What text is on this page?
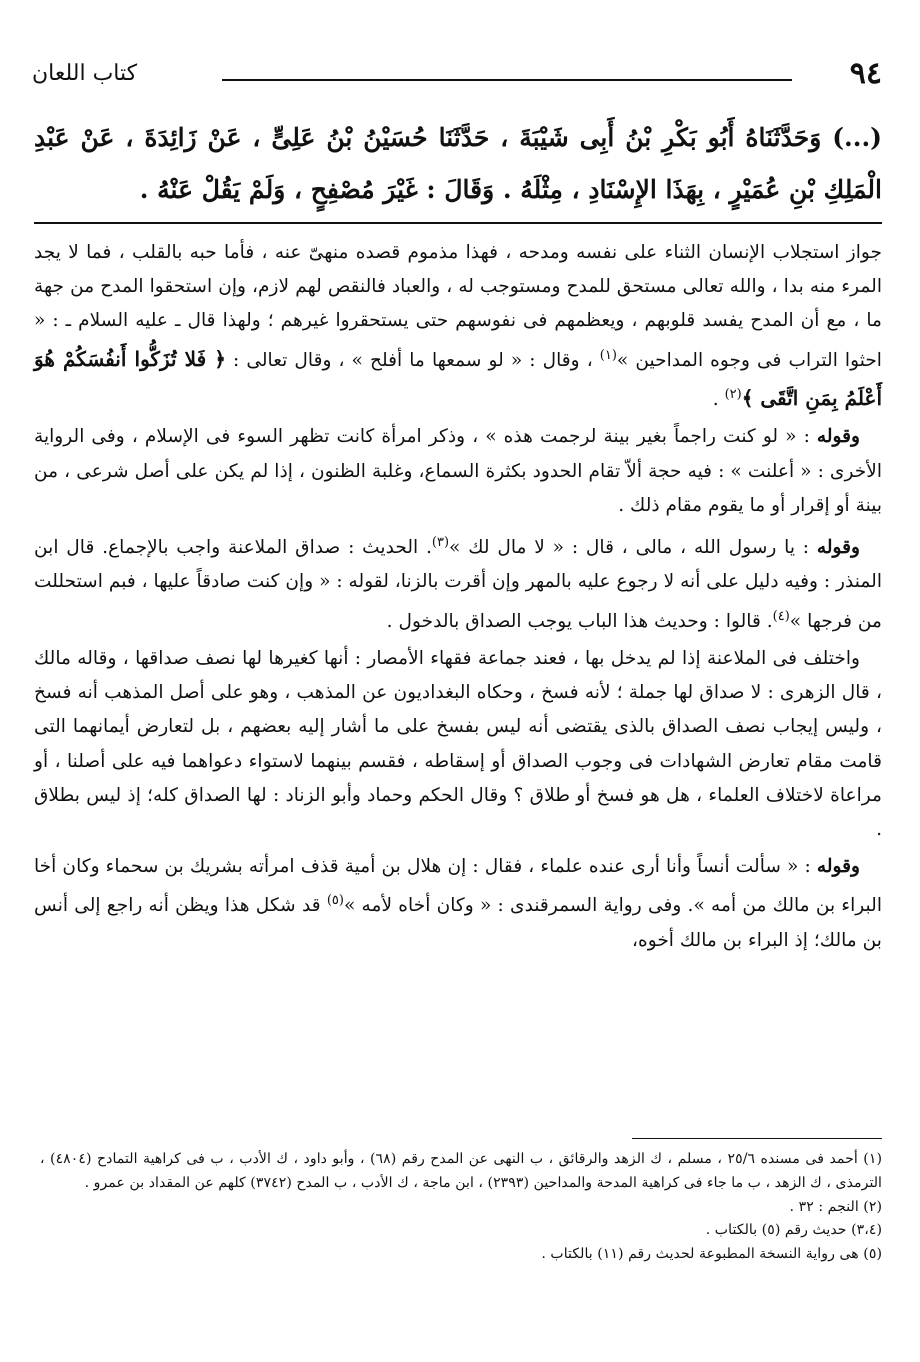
٩٤
كتاب اللعان
(...) وَحَدَّثَنَاهُ أَبُو بَكْرِ بْنُ أَبِى شَيْبَةَ ، حَدَّثَنَا حُسَيْنُ بْنُ عَلِىٍّ ، عَنْ زَائِدَةَ ، عَنْ عَبْدِ الْمَلِكِ بْنِ عُمَيْرٍ ، بِهَذَا الإِسْنَادِ ، مِثْلَهُ . وَقَالَ : غَيْرَ مُصْفِحٍ ، وَلَمْ يَقُلْ عَنْهُ .

جواز استجلاب الإنسان الثناء على نفسه ومدحه ، فهذا مذموم قصده منهىّ عنه ، فأما حبه بالقلب ، فما لا يجد المرء منه بدا ، والله تعالى مستحق للمدح ومستوجب له ، والعباد فالنقص لهم لازم، وإن استحقوا المدح من جهة ما ، مع أن المدح يفسد قلوبهم ، ويعظمهم فى نفوسهم حتى يستحقروا غيرهم ؛ ولهذا قال ـ عليه السلام ـ : « احثوا التراب فى وجوه المداحين »$^{(١)}$ ، وقال : « لو سمعها ما أفلح » ، وقال تعالى : ﴿ فَلا تُزَكُّوا أَنفُسَكُمْ هُوَ أَعْلَمُ بِمَنِ اتَّقَى ﴾$^{(٢)}$ .

وقوله : « لو كنت راجماً بغير بينة لرجمت هذه » ، وذكر امرأة كانت تظهر السوء فى الإسلام ، وفى الرواية الأخرى : « أعلنت » : فيه حجة ألاّ تقام الحدود بكثرة السماع، وغلبة الظنون ، إذا لم يكن على أصل شرعى ، من بينة أو إقرار أو ما يقوم مقام ذلك .

وقوله : يا رسول الله ، مالى ، قال : « لا مال لك »$^{(٣)}$. الحديث : صداق الملاعنة واجب بالإجماع. قال ابن المنذر : وفيه دليل على أنه لا رجوع عليه بالمهر وإن أقرت بالزنا، لقوله : « وإن كنت صادقاً عليها ، فبم استحللت من فرجها »$^{(٤)}$. قالوا : وحديث هذا الباب يوجب الصداق بالدخول .

واختلف فى الملاعنة إذا لم يدخل بها ، فعند جماعة فقهاء الأمصار : أنها كغيرها لها نصف صداقها ، وقاله مالك ، قال الزهرى : لا صداق لها جملة ؛ لأنه فسخ ، وحكاه البغداديون عن المذهب ، وهو على أصل المذهب أنه فسخ ، وليس إيجاب نصف الصداق بالذى يقتضى أنه ليس بفسخ على ما أشار إليه بعضهم ، بل لتعارض أيمانهما التى قامت مقام تعارض الشهادات فى وجوب الصداق أو إسقاطه ، فقسم بينهما لاستواء دعواهما فيه على أصلنا ، أو مراعاة لاختلاف العلماء ، هل هو فسخ أو طلاق ؟ وقال الحكم وحماد وأبو الزناد : لها الصداق كله؛ إذ ليس بطلاق .

وقوله : « سألت أنساً وأنا أرى عنده علماء ، فقال : إن هلال بن أمية قذف امرأته بشريك بن سحماء وكان أخا البراء بن مالك من أمه ». وفى رواية السمرقندى : « وكان أخاه لأمه »$^{(٥)}$ قد شكل هذا ويظن أنه راجع إلى أنس بن مالك؛ إذ البراء بن مالك أخوه،

(١) أحمد فى مسنده ٢٥/٦ ، مسلم ، ك الزهد والرقائق ، ب النهى عن المدح رقم (٦٨) ، وأبو داود ، ك الأدب ، ب فى كراهية التمادح (٤٨٠٤) ، الترمذى ، ك الزهد ، ب ما جاء فى كراهية المدحة والمداحين (٢٣٩٣) ، ابن ماجة ، ك الأدب ، ب المدح (٣٧٤٢) كلهم عن المقداد بن عمرو .

(٢) النجم : ٣٢ .

(٣،٤) حديث رقم (٥) بالكتاب .

(٥) هى رواية النسخة المطبوعة لحديث رقم (١١) بالكتاب .
